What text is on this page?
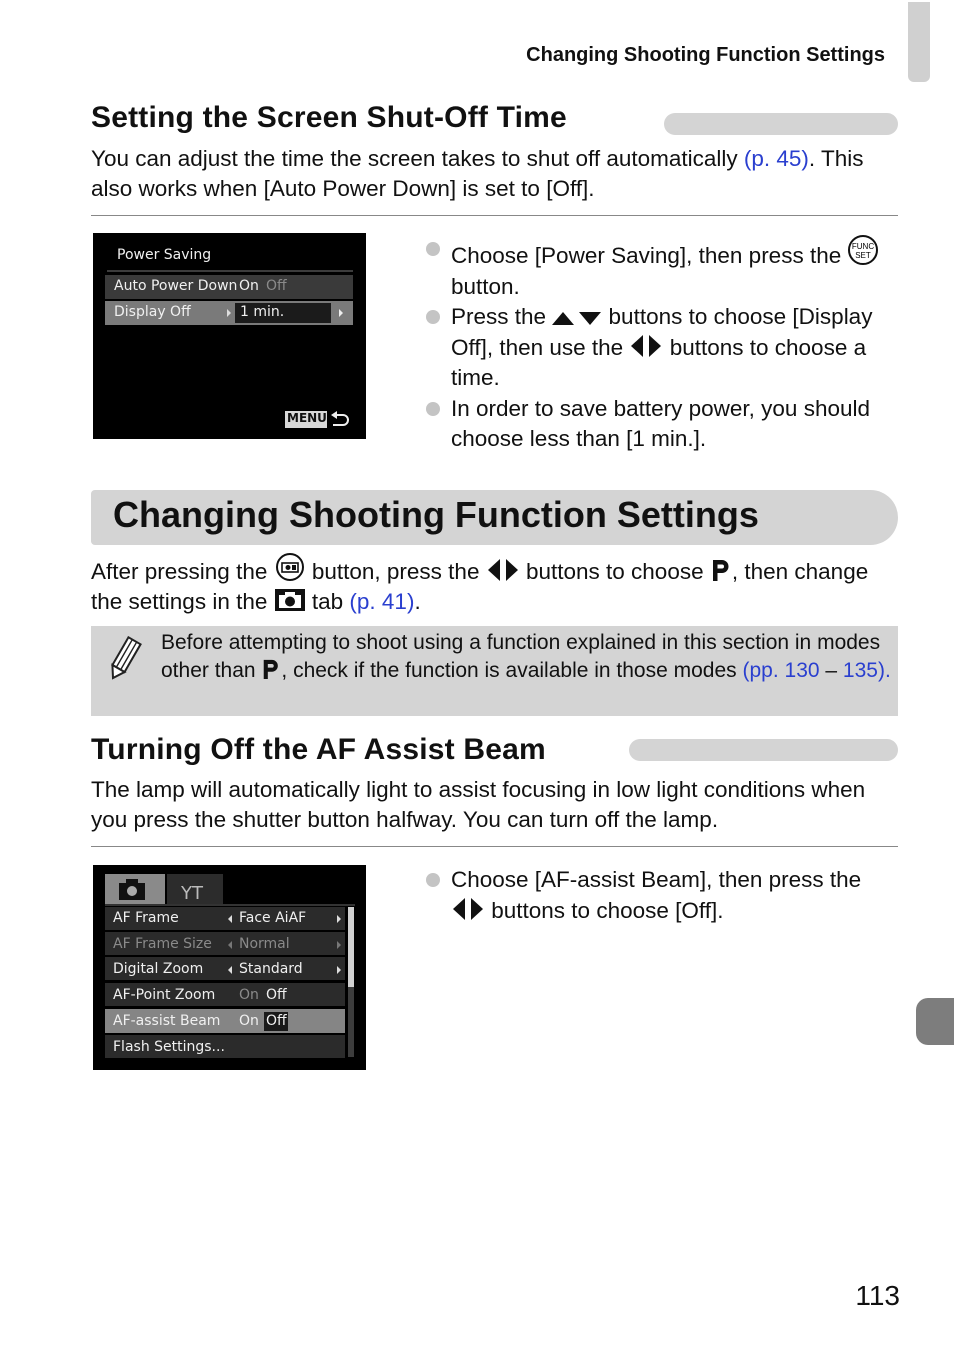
Changing Shooting Function Settings
Setting the Screen Shut-Off Time
You can adjust the time the screen takes to shut off automatically (p. 45). This also works when [Auto Power Down] is set to [Off].
Power Saving
Auto Power Down On Off
Display Off	1 min.
MENU
Choose [Power Saving], then press the FUNC
SET
button.
Press the  buttons to choose [Display Off], then use the  buttons to choose a time.
In order to save battery power, you should choose less than [1 min.].
Changing Shooting Function Settings
After pressing the  button, press the  buttons to choose , then change the settings in the  tab (p. 41).
Before attempting to shoot using a function explained in this section in modes other than , check if the function is available in those modes (pp. 130 – 135).
Turning Off the AF Assist Beam
The lamp will automatically light to assist focusing in low light conditions when you press the shutter button halfway. You can turn off the lamp.
YT
AF Frame	Face AiAF
AF Frame Size Normal
Digital Zoom	Standard
AF-Point Zoom On Off
AF-assist Beam On Off
Flash Settings...
Choose [AF-assist Beam], then press the  buttons to choose [Off].
113
